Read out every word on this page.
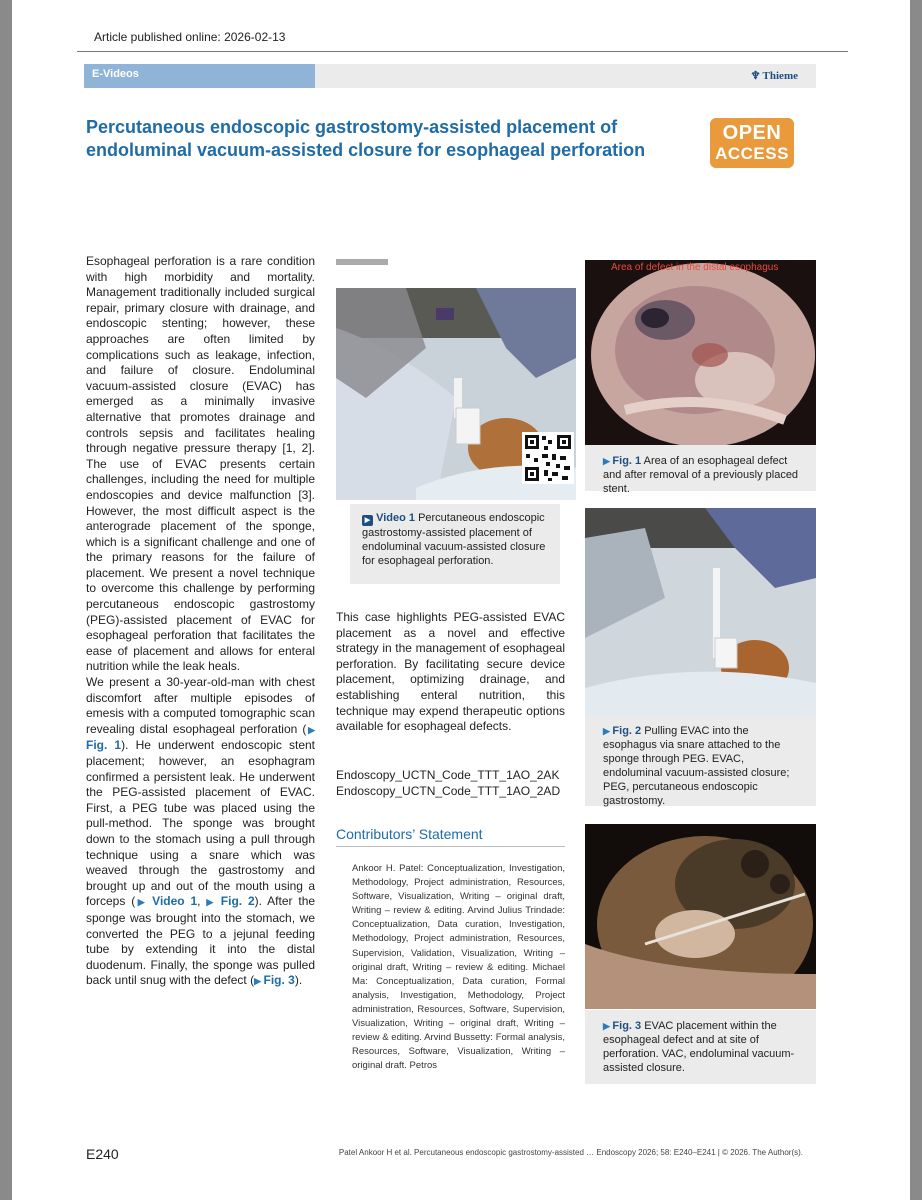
Article published online: 2026-02-13
E-Videos	♆ Thieme
Percutaneous endoscopic gastrostomy-assisted placement of endoluminal vacuum-assisted closure for esophageal perforation
OPEN
ACCESS

Esophageal perforation is a rare condition with high morbidity and mortality. Management traditionally included surgical repair, primary closure with drainage, and endoscopic stenting; however, these approaches are often limited by complications such as leakage, infection, and failure of closure. Endoluminal vacuum-assisted closure (EVAC) has emerged as a minimally invasive alternative that promotes drainage and controls sepsis and facilitates healing through negative pressure therapy [1, 2]. The use of EVAC presents certain challenges, including the need for multiple endoscopies and device malfunction [3]. However, the most difficult aspect is the anterograde placement of the sponge, which is a significant challenge and one of the primary reasons for the failure of placement. We present a novel technique to overcome this challenge by performing percutaneous endoscopic gastrostomy (PEG)-assisted placement of EVAC for esophageal perforation that facilitates the ease of placement and allows for enteral nutrition while the leak heals.

We present a 30-year-old-man with chest discomfort after multiple episodes of emesis with a computed tomographic scan revealing distal esophageal perforation (▶ Fig. 1). He underwent endoscopic stent placement; however, an esophagram confirmed a persistent leak. He underwent the PEG-assisted placement of EVAC. First, a PEG tube was placed using the pull-method. The sponge was brought down to the stomach using a pull through technique using a snare which was weaved through the gastrostomy and brought up and out of the mouth using a forceps (▶ Video 1, ▶ Fig. 2). After the sponge was brought into the stomach, we converted the PEG to a jejunal feeding tube by extending it into the distal duodenum. Finally, the sponge was pulled back until snug with the defect (▶ Fig. 3).

▶ Video 1 Percutaneous endoscopic gastrostomy-assisted placement of endoluminal vacuum-assisted closure for esophageal perforation.
This case highlights PEG-assisted EVAC placement as a novel and effective strategy in the management of esophageal perforation. By facilitating secure device placement, optimizing drainage, and establishing enteral nutrition, this technique may expend therapeutic options available for esophageal defects.
Endoscopy_UCTN_Code_TTT_1AO_2AK
Endoscopy_UCTN_Code_TTT_1AO_2AD
Contributors’ Statement
Ankoor H. Patel: Conceptualization, Investigation, Methodology, Project administration, Resources, Software, Visualization, Writing – original draft, Writing – review & editing. Arvind Julius Trindade: Conceptualization, Data curation, Investigation, Methodology, Project administration, Resources, Supervision, Validation, Visualization, Writing – original draft, Writing – review & editing. Michael Ma: Conceptualization, Data curation, Formal analysis, Investigation, Methodology, Project administration, Resources, Software, Supervision, Visualization, Writing – original draft, Writing – review & editing. Arvind Bussetty: Formal analysis, Resources, Software, Visualization, Writing – original draft. Petros
Area of defect in the distal esophagus
▶ Fig. 1 Area of an esophageal defect and after removal of a previously placed stent.
▶ Fig. 2 Pulling EVAC into the esophagus via snare attached to the sponge through PEG. EVAC, endoluminal vacuum-assisted closure; PEG, percutaneous endoscopic gastrostomy.
▶ Fig. 3 EVAC placement within the esophageal defect and at site of perforation. VAC, endoluminal vacuum-assisted closure.
E240	Patel Ankoor H et al. Percutaneous endoscopic gastrostomy-assisted … Endoscopy 2026; 58: E240–E241 | © 2026. The Author(s).
